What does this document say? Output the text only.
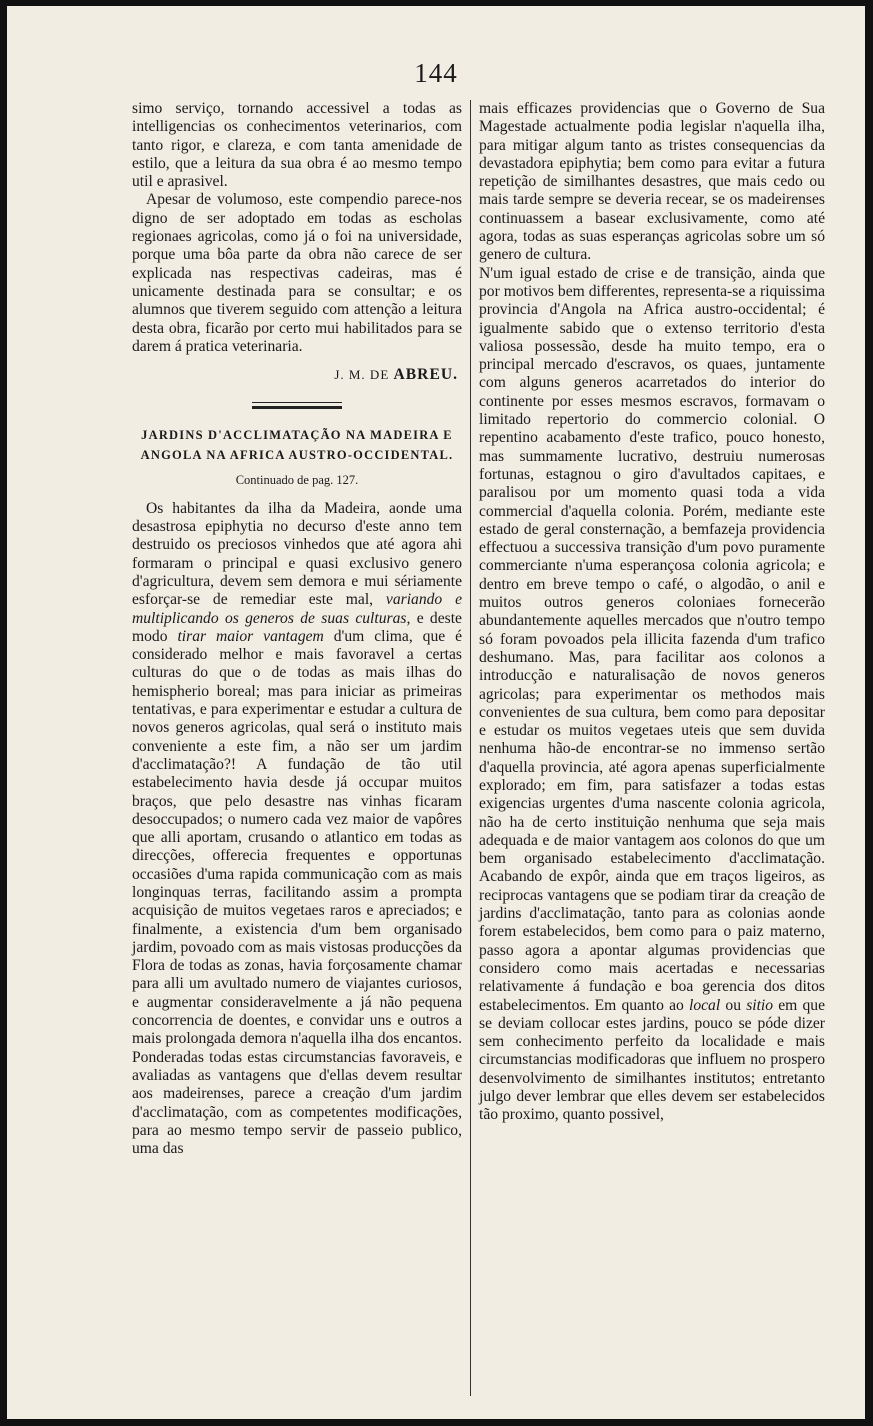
144

simo serviço, tornando accessivel a todas as intelligencias os conhecimentos veterinarios, com tanto rigor, e clareza, e com tanta amenidade de estilo, que a leitura da sua obra é ao mesmo tempo util e aprasivel.

Apesar de volumoso, este compendio parece-nos digno de ser adoptado em todas as escholas regionaes agricolas, como já o foi na universidade, porque uma bôa parte da obra não carece de ser explicada nas respectivas cadeiras, mas é unicamente destinada para se consultar; e os alumnos que tiverem seguido com attenção a leitura desta obra, ficarão por certo mui habilitados para se darem á pratica veterinaria.

J. M. DE ABREU.
JARDINS D'ACCLIMATAÇÃO NA MADEIRA E
ANGOLA NA AFRICA AUSTRO-OCCIDENTAL.
Continuado de pag. 127.

Os habitantes da ilha da Madeira, aonde uma desastrosa epiphytia no decurso d'este anno tem destruido os preciosos vinhedos que até agora ahi formaram o principal e quasi exclusivo genero d'agricultura, devem sem demora e mui sériamente esforçar-se de remediar este mal, variando e multiplicando os generos de suas culturas, e deste modo tirar maior vantagem d'um clima, que é considerado melhor e mais favoravel a certas culturas do que o de todas as mais ilhas do hemispherio boreal; mas para iniciar as primeiras tentativas, e para experimentar e estudar a cultura de novos generos agricolas, qual será o instituto mais conveniente a este fim, a não ser um jardim d'acclimatação?! A fundação de tão util estabelecimento havia desde já occupar muitos braços, que pelo desastre nas vinhas ficaram desoccupados; o numero cada vez maior de vapôres que alli aportam, crusando o atlantico em todas as direcções, offerecia frequentes e opportunas occasiões d'uma rapida communicação com as mais longinquas terras, facilitando assim a prompta acquisição de muitos vegetaes raros e apreciados; e finalmente, a existencia d'um bem organisado jardim, povoado com as mais vistosas producções da Flora de todas as zonas, havia forçosamente chamar para alli um avultado numero de viajantes curiosos, e augmentar consideravelmente a já não pequena concorrencia de doentes, e convidar uns e outros a mais prolongada demora n'aquella ilha dos encantos. Ponderadas todas estas circumstancias favoraveis, e avaliadas as vantagens que d'ellas devem resultar aos madeirenses, parece a creação d'um jardim d'acclimatação, com as competentes modificações, para ao mesmo tempo servir de passeio publico, uma das

mais efficazes providencias que o Governo de Sua Magestade actualmente podia legislar n'aquella ilha, para mitigar algum tanto as tristes consequencias da devastadora epiphytia; bem como para evitar a futura repetição de similhantes desastres, que mais cedo ou mais tarde sempre se deveria recear, se os madeirenses continuassem a basear exclusivamente, como até agora, todas as suas esperanças agricolas sobre um só genero de cultura.

N'um igual estado de crise e de transição, ainda que por motivos bem differentes, representa-se a riquissima provincia d'Angola na Africa austro-occidental; é igualmente sabido que o extenso territorio d'esta valiosa possessão, desde ha muito tempo, era o principal mercado d'escravos, os quaes, juntamente com alguns generos acarretados do interior do continente por esses mesmos escravos, formavam o limitado repertorio do commercio colonial. O repentino acabamento d'este trafico, pouco honesto, mas summamente lucrativo, destruiu numerosas fortunas, estagnou o giro d'avultados capitaes, e paralisou por um momento quasi toda a vida commercial d'aquella colonia. Porém, mediante este estado de geral consternação, a bemfazeja providencia effectuou a successiva transição d'um povo puramente commerciante n'uma esperançosa colonia agricola; e dentro em breve tempo o café, o algodão, o anil e muitos outros generos coloniaes fornecerão abundantemente aquelles mercados que n'outro tempo só foram povoados pela illicita fazenda d'um trafico deshumano. Mas, para facilitar aos colonos a introducção e naturalisação de novos generos agricolas; para experimentar os methodos mais convenientes de sua cultura, bem como para depositar e estudar os muitos vegetaes uteis que sem duvida nenhuma hão-de encontrar-se no immenso sertão d'aquella provincia, até agora apenas superficialmente explorado; em fim, para satisfazer a todas estas exigencias urgentes d'uma nascente colonia agricola, não ha de certo instituição nenhuma que seja mais adequada e de maior vantagem aos colonos do que um bem organisado estabelecimento d'acclimatação. Acabando de expôr, ainda que em traços ligeiros, as reciprocas vantagens que se podiam tirar da creação de jardins d'acclimatação, tanto para as colonias aonde forem estabelecidos, bem como para o paiz materno, passo agora a apontar algumas providencias que considero como mais acertadas e necessarias relativamente á fundação e boa gerencia dos ditos estabelecimentos. Em quanto ao local ou sitio em que se deviam collocar estes jardins, pouco se póde dizer sem conhecimento perfeito da localidade e mais circumstancias modificadoras que influem no prospero desenvolvimento de similhantes institutos; entretanto julgo dever lembrar que elles devem ser estabelecidos tão proximo, quanto possivel,
